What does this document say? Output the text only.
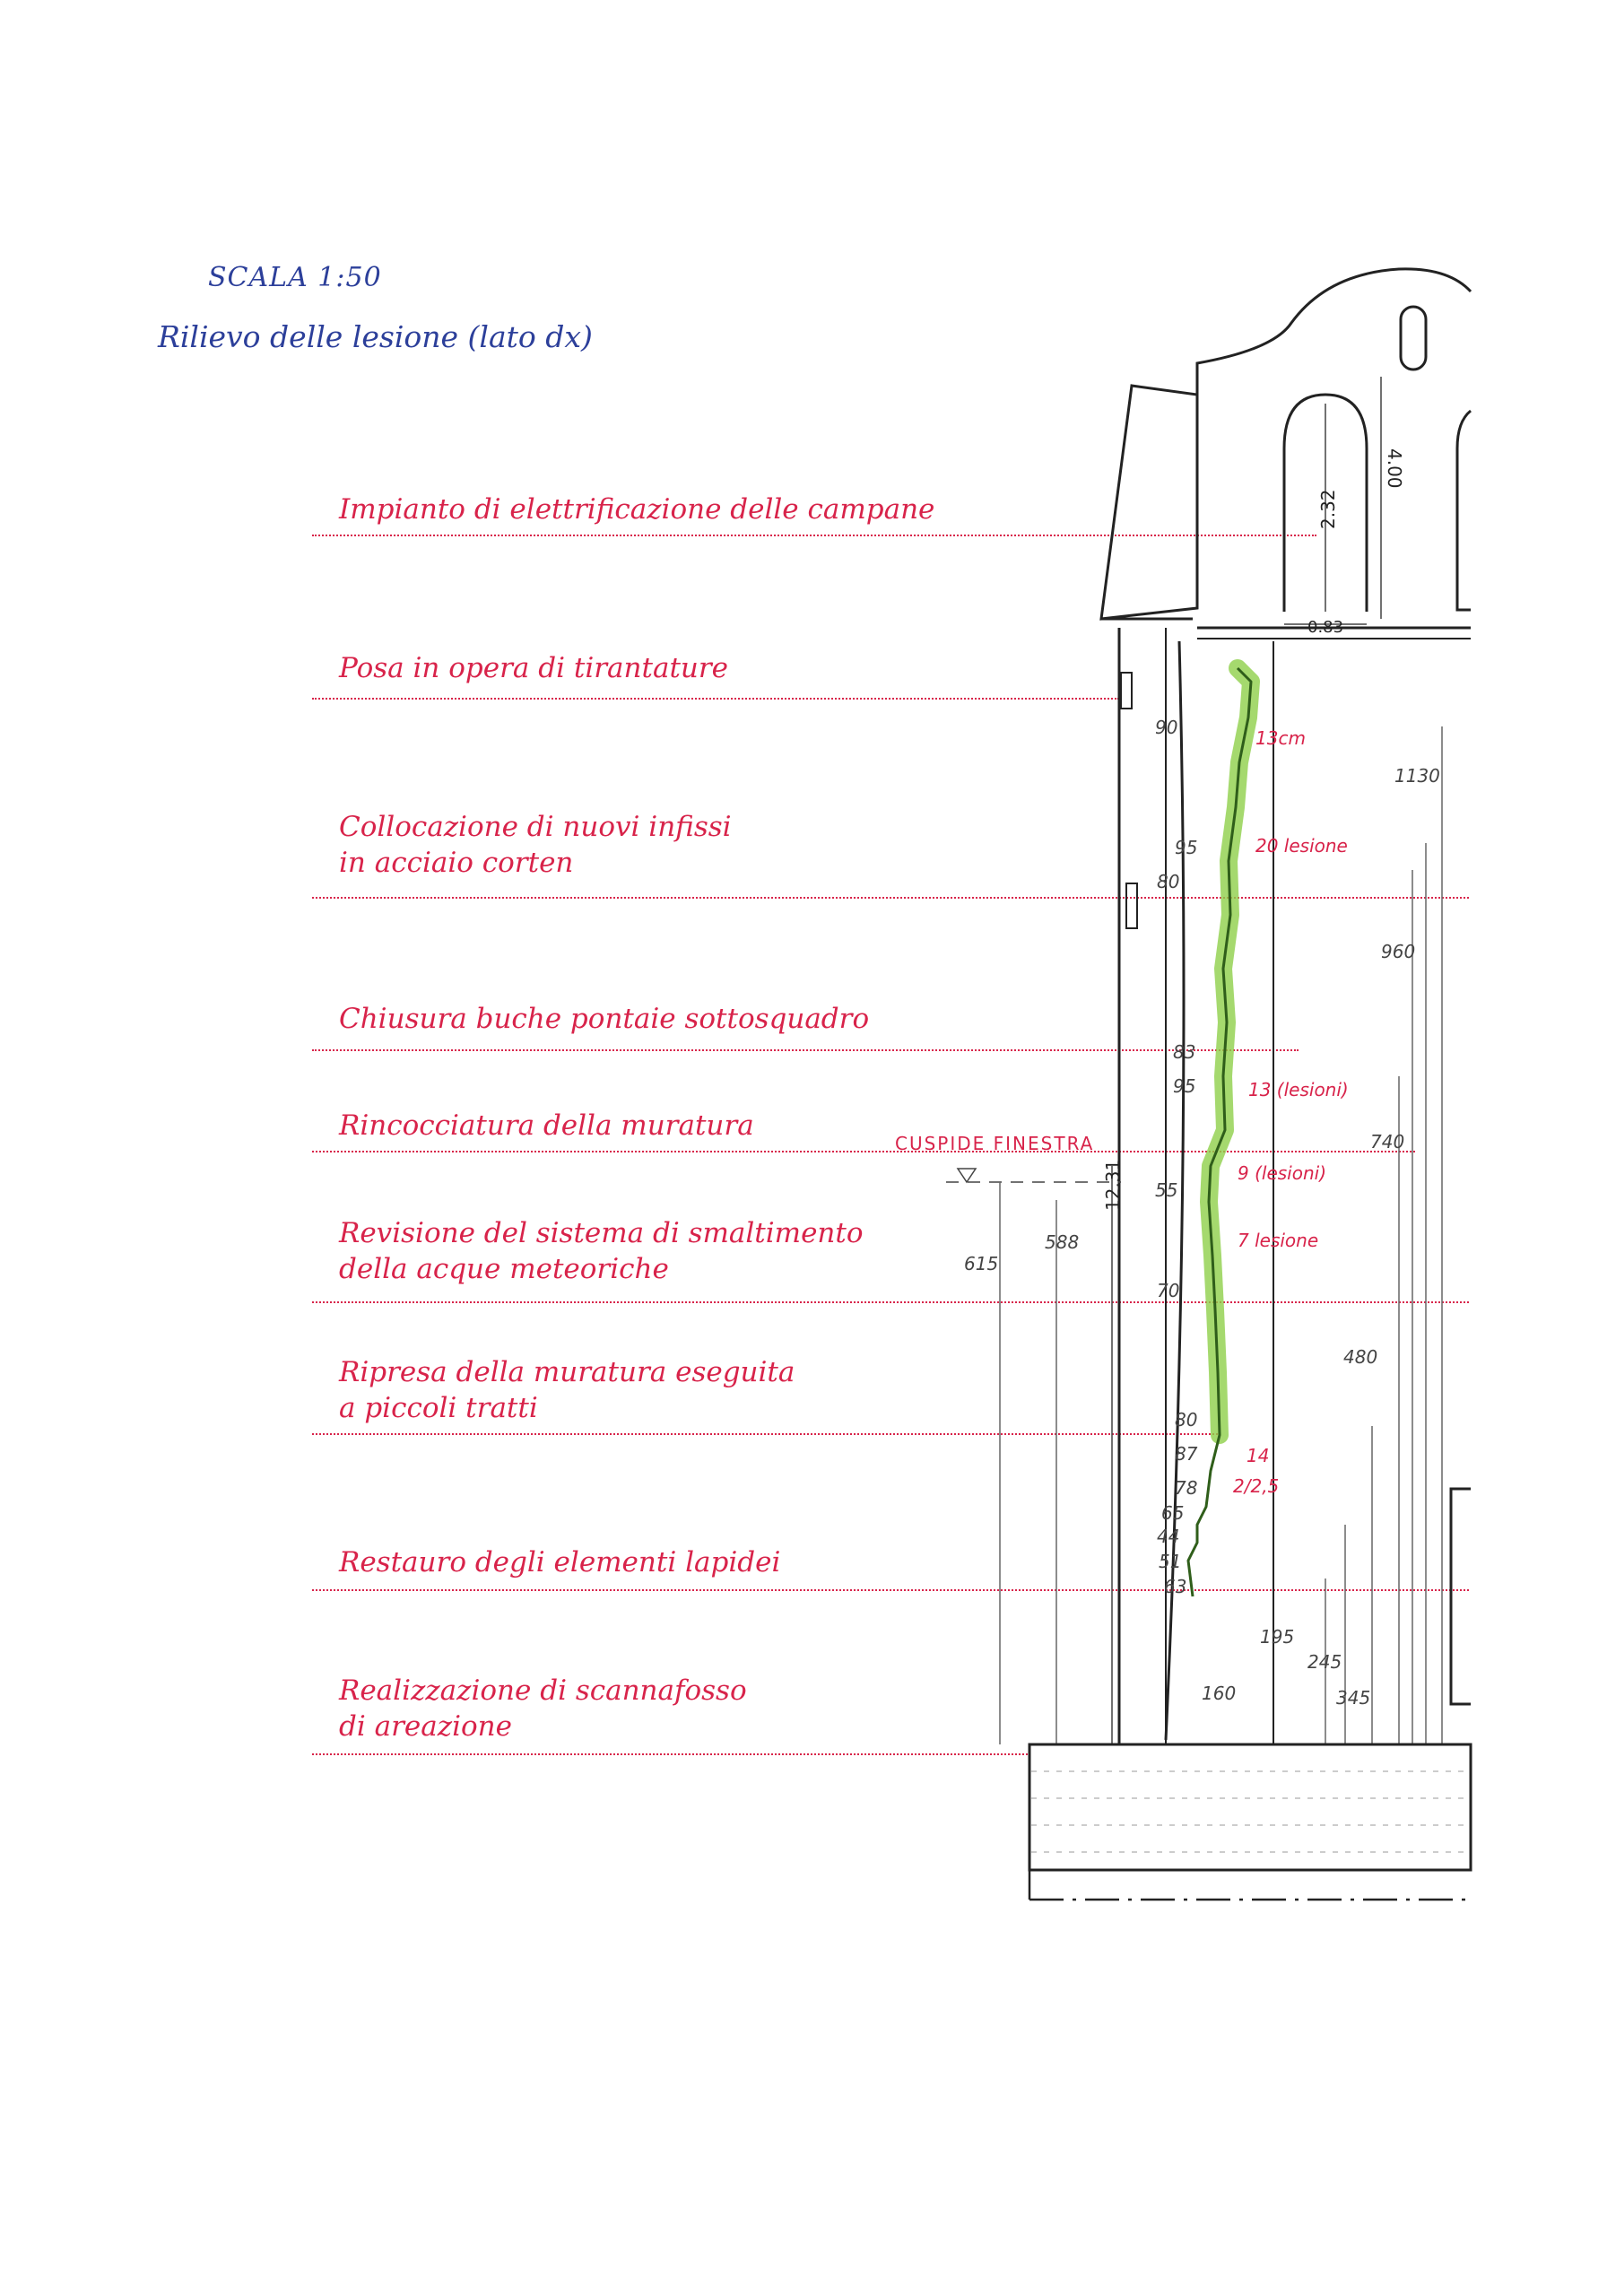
SCALA 1:50
Rilievo delle lesione (lato dx)
Impianto di elettrificazione delle campane
Posa in opera di tirantature
Collocazione di nuovi infissi
in acciaio corten
Chiusura buche pontaie sottosquadro
Rincocciatura della muratura
Revisione del sistema di smaltimento
della acque meteoriche
Ripresa della muratura eseguita
a piccoli tratti
Restauro degli elementi lapidei
Realizzazione di scannafosso
di areazione
2.32
0.83
4.00
CUSPIDE FINESTRA
12.31
90
95
80
83
95
55
70
80
87
78
65
44
51
63
13cm
20 lesione
13 (lesioni)
9 (lesioni)
7 lesione
14
2/2,5
1130
960
740
480
195
245
345
160
615
588
